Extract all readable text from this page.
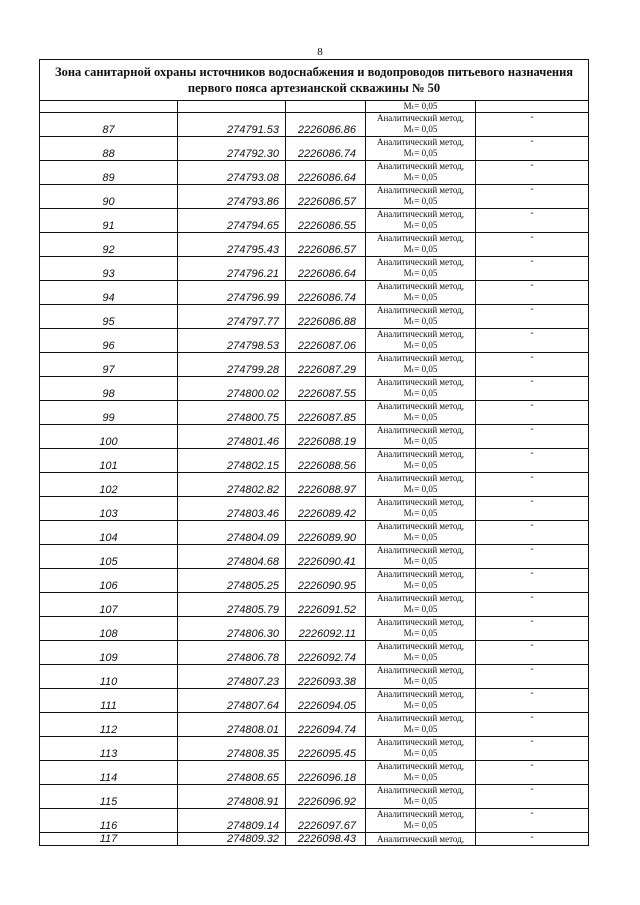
8
Зона санитарной охраны источников водоснабжения и водопроводов питьевого назначения
первого пояса артезианской скважины № 50				

			Mₜ= 0,05	

87	274791.53	2226086.86	Аналитический метод,
Mₜ= 0,05	-
88	274792.30	2226086.74	Аналитический метод,
Mₜ= 0,05	-
89	274793.08	2226086.64	Аналитический метод,
Mₜ= 0,05	-
90	274793.86	2226086.57	Аналитический метод,
Mₜ= 0,05	-
91	274794.65	2226086.55	Аналитический метод,
Mₜ= 0,05	-
92	274795.43	2226086.57	Аналитический метод,
Mₜ= 0,05	-
93	274796.21	2226086.64	Аналитический метод,
Mₜ= 0,05	-
94	274796.99	2226086.74	Аналитический метод,
Mₜ= 0,05	-
95	274797.77	2226086.88	Аналитический метод,
Mₜ= 0,05	-
96	274798.53	2226087.06	Аналитический метод,
Mₜ= 0,05	-
97	274799.28	2226087.29	Аналитический метод,
Mₜ= 0,05	-
98	274800.02	2226087.55	Аналитический метод,
Mₜ= 0,05	-
99	274800.75	2226087.85	Аналитический метод,
Mₜ= 0,05	-
100	274801.46	2226088.19	Аналитический метод,
Mₜ= 0,05	-
101	274802.15	2226088.56	Аналитический метод,
Mₜ= 0,05	-
102	274802.82	2226088.97	Аналитический метод,
Mₜ= 0,05	-
103	274803.46	2226089.42	Аналитический метод,
Mₜ= 0,05	-
104	274804.09	2226089.90	Аналитический метод,
Mₜ= 0,05	-
105	274804.68	2226090.41	Аналитический метод,
Mₜ= 0,05	-
106	274805.25	2226090.95	Аналитический метод,
Mₜ= 0,05	-
107	274805.79	2226091.52	Аналитический метод,
Mₜ= 0,05	-
108	274806.30	2226092.11	Аналитический метод,
Mₜ= 0,05	-
109	274806.78	2226092.74	Аналитический метод,
Mₜ= 0,05	-
110	274807.23	2226093.38	Аналитический метод,
Mₜ= 0,05	-
111	274807.64	2226094.05	Аналитический метод,
Mₜ= 0,05	-
112	274808.01	2226094.74	Аналитический метод,
Mₜ= 0,05	-
113	274808.35	2226095.45	Аналитический метод,
Mₜ= 0,05	-
114	274808.65	2226096.18	Аналитический метод,
Mₜ= 0,05	-
115	274808.91	2226096.92	Аналитический метод,
Mₜ= 0,05	-
116	274809.14	2226097.67	Аналитический метод,
Mₜ= 0,05	-
117	274809.32	2226098.43	Аналитический метод,	-
